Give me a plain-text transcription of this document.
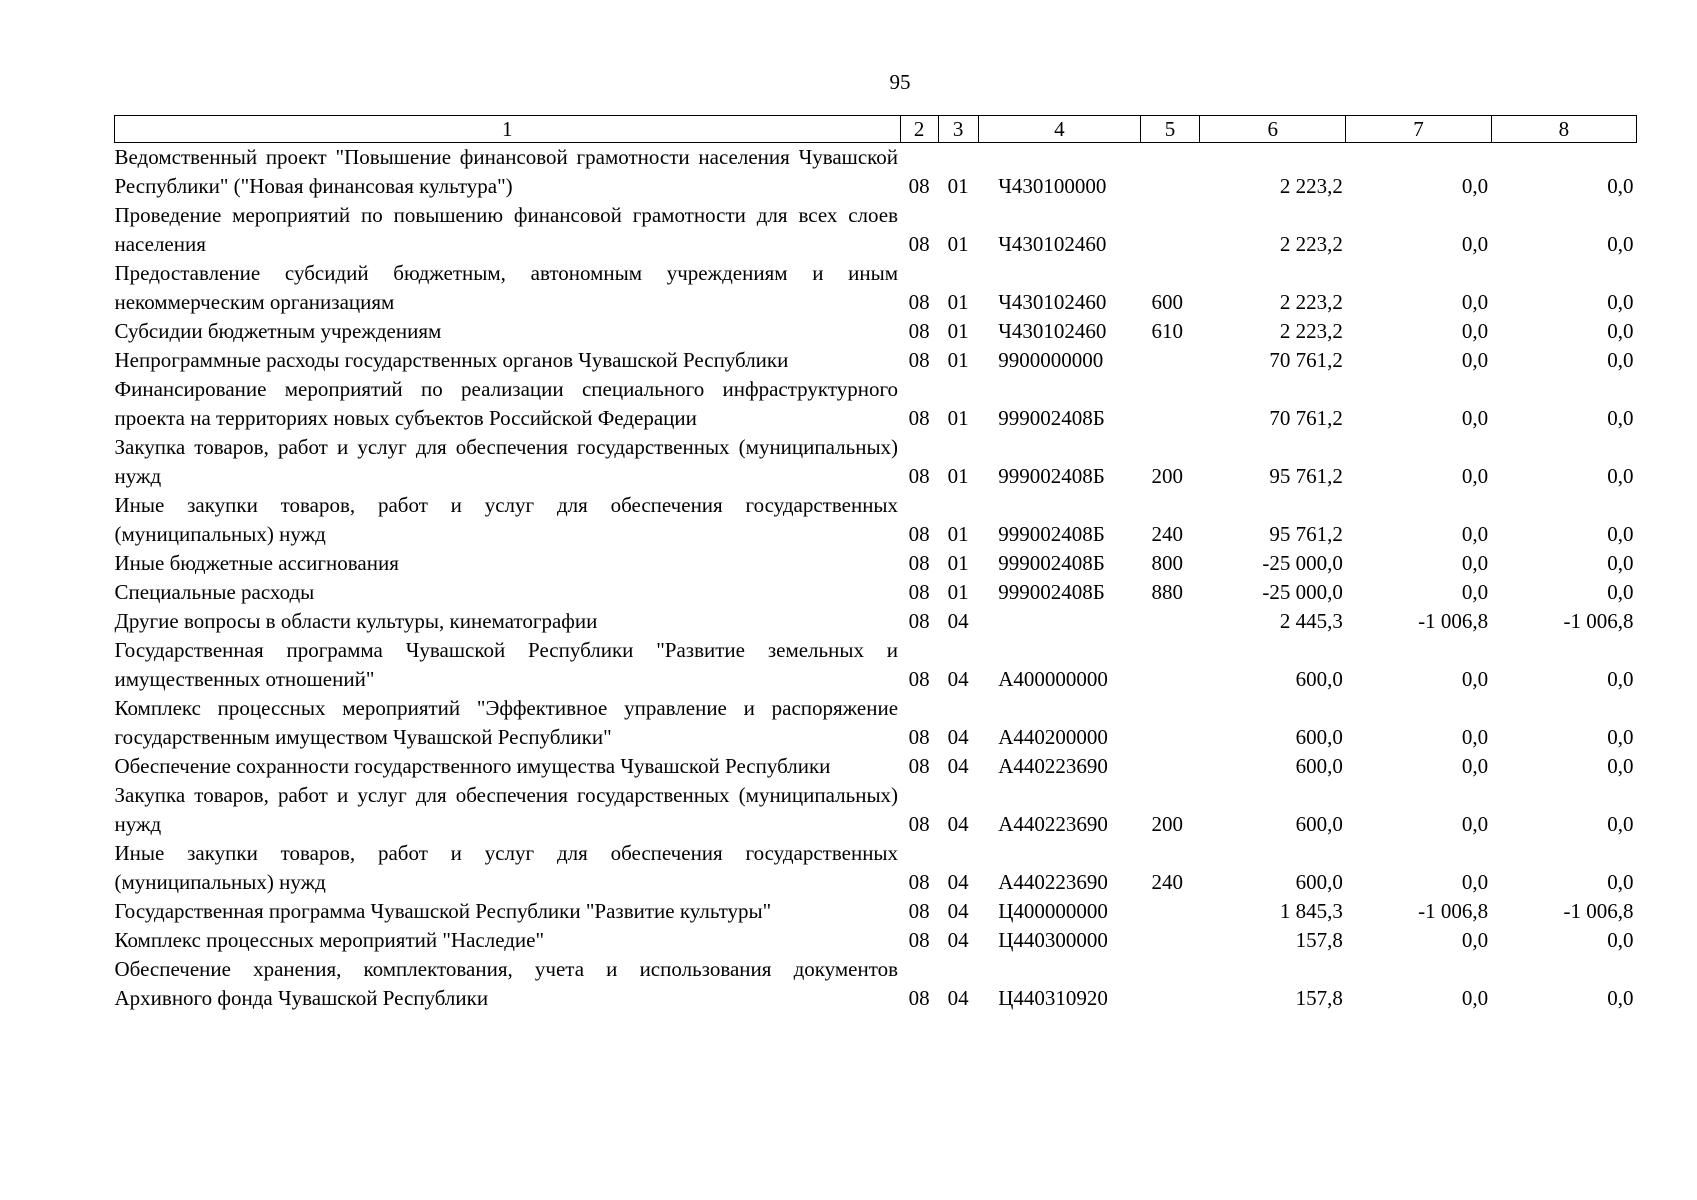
95
1	2	3	4	5	6	7	8
Ведомственный проект "Повышение финансовой грамотности населения Чувашской Республики" ("Новая финансовая культура")	08	01	Ч430100000		2 223,2	0,0	0,0
Проведение мероприятий по повышению финансовой грамотности для всех слоев населения	08	01	Ч430102460		2 223,2	0,0	0,0
Предоставление субсидий бюджетным, автономным учреждениям и иным некоммерческим организациям	08	01	Ч430102460	600	2 223,2	0,0	0,0
Субсидии бюджетным учреждениям	08	01	Ч430102460	610	2 223,2	0,0	0,0
Непрограммные расходы государственных органов Чувашской Республики	08	01	9900000000		70 761,2	0,0	0,0
Финансирование мероприятий по реализации специального инфраструктурного проекта на территориях новых субъектов Российской Федерации	08	01	999002408Б		70 761,2	0,0	0,0
Закупка товаров, работ и услуг для обеспечения государственных (муниципальных) нужд	08	01	999002408Б	200	95 761,2	0,0	0,0
Иные закупки товаров, работ и услуг для обеспечения государственных (муниципальных) нужд	08	01	999002408Б	240	95 761,2	0,0	0,0
Иные бюджетные ассигнования	08	01	999002408Б	800	-25 000,0	0,0	0,0
Специальные расходы	08	01	999002408Б	880	-25 000,0	0,0	0,0
Другие вопросы в области культуры, кинематографии	08	04			2 445,3	-1 006,8	-1 006,8
Государственная программа Чувашской Республики "Развитие земельных и имущественных отношений"	08	04	А400000000		600,0	0,0	0,0
Комплекс процессных мероприятий "Эффективное управление и распоряжение государственным имуществом Чувашской Республики"	08	04	А440200000		600,0	0,0	0,0
Обеспечение сохранности государственного имущества Чувашской Республики	08	04	А440223690		600,0	0,0	0,0
Закупка товаров, работ и услуг для обеспечения государственных (муниципальных) нужд	08	04	А440223690	200	600,0	0,0	0,0
Иные закупки товаров, работ и услуг для обеспечения государственных (муниципальных) нужд	08	04	А440223690	240	600,0	0,0	0,0
Государственная программа Чувашской Республики "Развитие культуры"	08	04	Ц400000000		1 845,3	-1 006,8	-1 006,8
Комплекс процессных мероприятий "Наследие"	08	04	Ц440300000		157,8	0,0	0,0
Обеспечение хранения, комплектования, учета и использования документов Архивного фонда Чувашской Республики	08	04	Ц440310920		157,8	0,0	0,0
